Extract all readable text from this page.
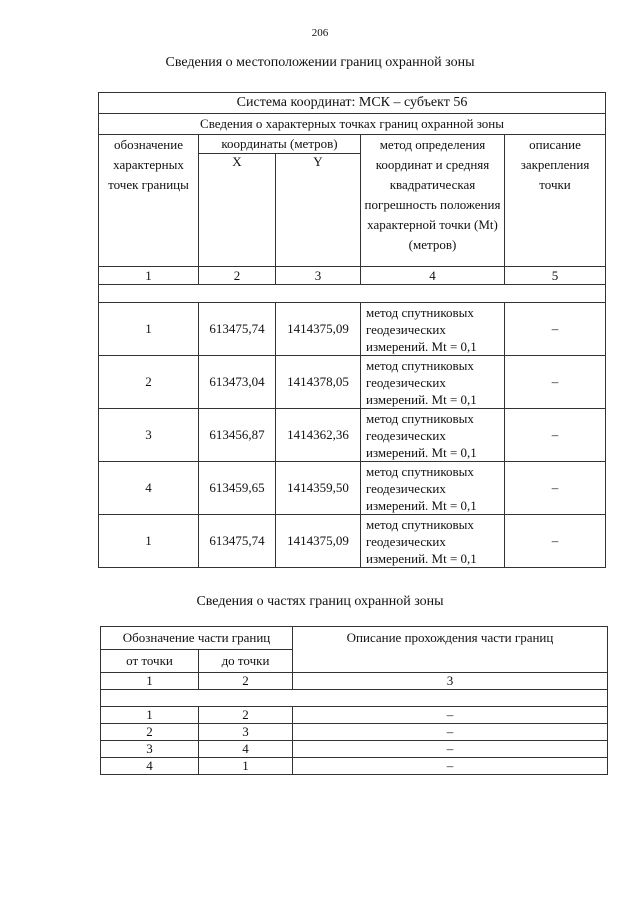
206
Сведения о местоположении границ охранной зоны
Система координат: МСК – субъект 56				
Сведения о характерных точках границ охранной зоны				
обозначение характерных точек границы	координаты (метров)		метод определения координат и средняя квадратическая погрешность положения характерной точки (Mt) (метров)	описание закрепления точки
	X	Y		
1	2	3	4	5

1	613475,74	1414375,09	метод спутниковых геодезических измерений. Mt = 0,1	–
2	613473,04	1414378,05	метод спутниковых геодезических измерений. Mt = 0,1	–
3	613456,87	1414362,36	метод спутниковых геодезических измерений. Mt = 0,1	–
4	613459,65	1414359,50	метод спутниковых геодезических измерений. Mt = 0,1	–
1	613475,74	1414375,09	метод спутниковых геодезических измерений. Mt = 0,1	–
Сведения о частях границ охранной зоны
Обозначение части границ		Описание прохождения части границ
от точки	до точки	
1	2	3

1	2	–
2	3	–
3	4	–
4	1	–
